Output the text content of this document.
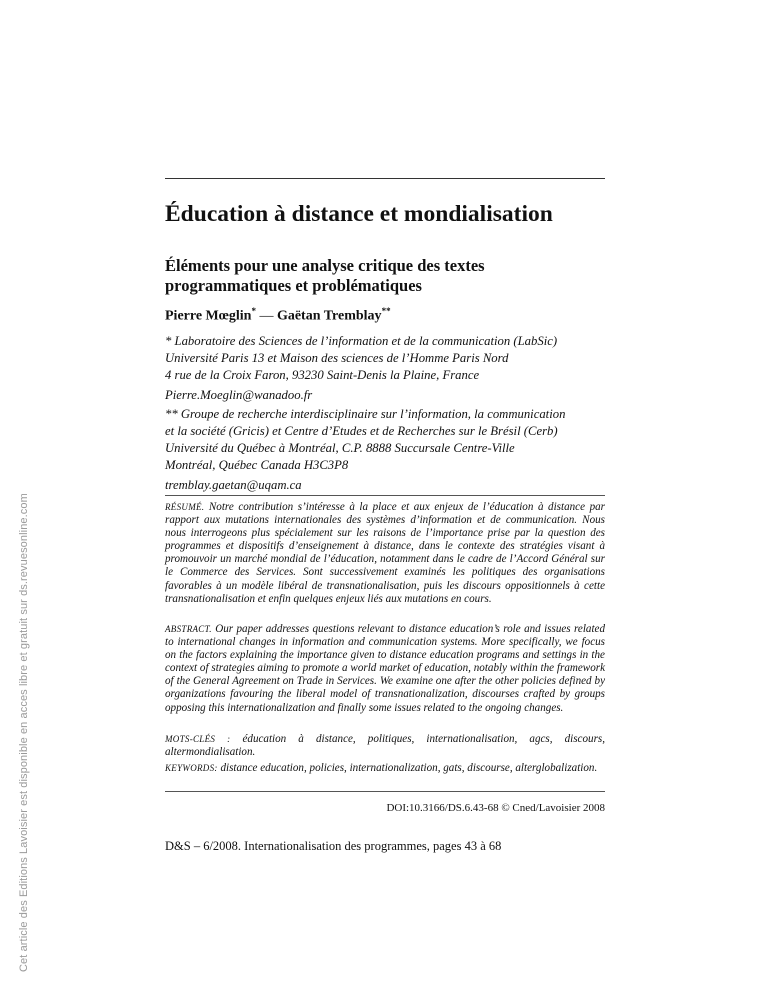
Cet article des Editions Lavoisier est disponible en acces libre et gratuit sur ds.revuesonline.com
Éducation à distance et mondialisation
Éléments pour une analyse critique des textes programmatiques et problématiques
Pierre Mœglin* — Gaëtan Tremblay**

* Laboratoire des Sciences de l’information et de la communication (LabSic)

Université Paris 13 et Maison des sciences de l’Homme Paris Nord

4 rue de la Croix Faron, 93230 Saint-Denis la Plaine, France

Pierre.Moeglin@wanadoo.fr

** Groupe de recherche interdisciplinaire sur l’information, la communication

et la société (Gricis) et Centre d’Etudes et de Recherches sur le Brésil (Cerb)

Université du Québec à Montréal, C.P. 8888 Succursale Centre-Ville

Montréal, Québec Canada H3C3P8

tremblay.gaetan@uqam.ca

RÉSUMÉ. Notre contribution s’intéresse à la place et aux enjeux de l’éducation à distance par rapport aux mutations internationales des systèmes d’information et de communication. Nous nous interrogeons plus spécialement sur les raisons de l’importance prise par la question des programmes et dispositifs d’enseignement à distance, dans le contexte des stratégies visant à promouvoir un marché mondial de l’éducation, notamment dans le cadre de l’Accord Général sur le Commerce des Services. Sont successivement examinés les politiques des organisations favorables à un modèle libéral de transnationalisation, puis les discours oppositionnels à cette transnationalisation et enfin quelques enjeux liés aux mutations en cours.
ABSTRACT. Our paper addresses questions relevant to distance education’s role and issues related to international changes in information and communication systems. More specifically, we focus on the factors explaining the importance given to distance education programs and settings in the context of strategies aiming to promote a world market of education, notably within the framework of the General Agreement on Trade in Services. We examine one after the other policies defined by organizations favouring the liberal model of transnationalization, discourses crafted by groups opposing this internationalization and finally some issues related to the ongoing changes.
MOTS-CLÉS : éducation à distance, politiques, internationalisation, agcs, discours, altermondialisation.
KEYWORDS: distance education, policies, internationalization, gats, discourse, alterglobalization.
DOI:10.3166/DS.6.43-68 © Cned/Lavoisier 2008
D&S – 6/2008. Internationalisation des programmes, pages 43 à 68
